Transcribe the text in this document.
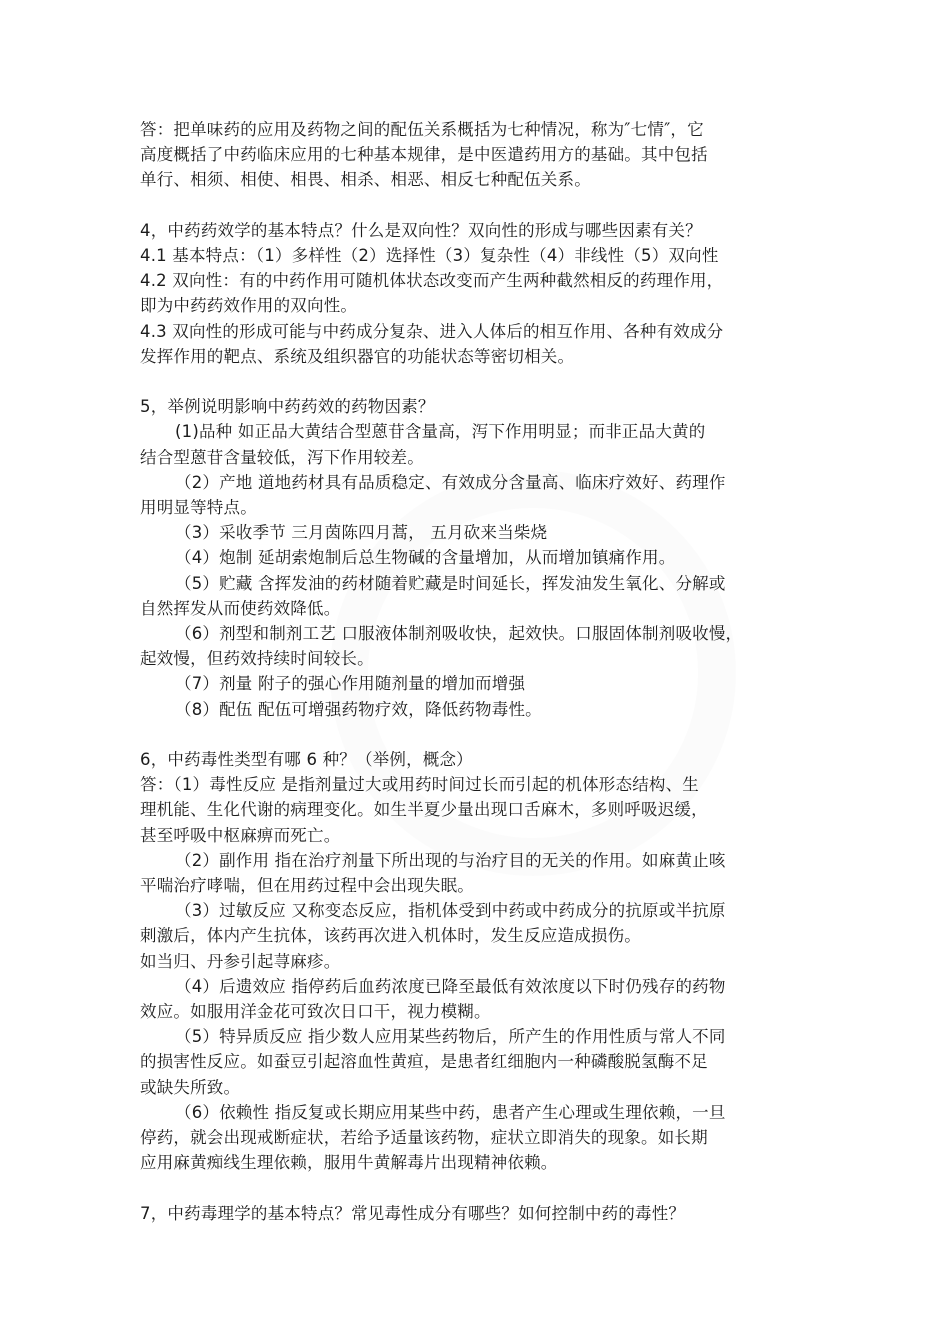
答：把单味药的应用及药物之间的配伍关系概括为七种情况，称为″七情″，它
高度概括了中药临床应用的七种基本规律，是中医遣药用方的基础。其中包括
单行、相须、相使、相畏、相杀、相恶、相反七种配伍关系。
4，中药药效学的基本特点？什么是双向性？双向性的形成与哪些因素有关？
4.1 基本特点：（1）多样性（2）选择性（3）复杂性（4）非线性（5）双向性
4.2 双向性：有的中药作用可随机体状态改变而产生两种截然相反的药理作用，
即为中药药效作用的双向性。
4.3 双向性的形成可能与中药成分复杂、进入人体后的相互作用、各种有效成分
发挥作用的靶点、系统及组织器官的功能状态等密切相关。
5，举例说明影响中药药效的药物因素？
(1)品种 如正品大黄结合型蒽苷含量高，泻下作用明显；而非正品大黄的
结合型蒽苷含量较低，泻下作用较差。
（2）产地 道地药材具有品质稳定、有效成分含量高、临床疗效好、药理作
用明显等特点。
（3）采收季节 三月茵陈四月蒿， 五月砍来当柴烧
（4）炮制 延胡索炮制后总生物碱的含量增加，从而增加镇痛作用。
（5）贮藏 含挥发油的药材随着贮藏是时间延长，挥发油发生氧化、分解或
自然挥发从而使药效降低。
（6）剂型和制剂工艺 口服液体制剂吸收快，起效快。口服固体制剂吸收慢，
起效慢，但药效持续时间较长。
（7）剂量 附子的强心作用随剂量的增加而增强
（8）配伍 配伍可增强药物疗效，降低药物毒性。
6，中药毒性类型有哪 6 种？（举例，概念）
答：（1）毒性反应 是指剂量过大或用药时间过长而引起的机体形态结构、生
理机能、生化代谢的病理变化。如生半夏少量出现口舌麻木，多则呼吸迟缓，
甚至呼吸中枢麻痹而死亡。
（2）副作用 指在治疗剂量下所出现的与治疗目的无关的作用。如麻黄止咳
平喘治疗哮喘，但在用药过程中会出现失眠。
（3）过敏反应 又称变态反应，指机体受到中药或中药成分的抗原或半抗原
刺激后，体内产生抗体，该药再次进入机体时，发生反应造成损伤。
如当归、丹参引起荨麻疹。
（4）后遗效应 指停药后血药浓度已降至最低有效浓度以下时仍残存的药物
效应。如服用洋金花可致次日口干，视力模糊。
（5）特异质反应 指少数人应用某些药物后，所产生的作用性质与常人不同
的损害性反应。如蚕豆引起溶血性黄疸，是患者红细胞内一种磷酸脱氢酶不足
或缺失所致。
（6）依赖性 指反复或长期应用某些中药，患者产生心理或生理依赖，一旦
停药，就会出现戒断症状，若给予适量该药物，症状立即消失的现象。如长期
应用麻黄痴线生理依赖，服用牛黄解毒片出现精神依赖。
7，中药毒理学的基本特点？常见毒性成分有哪些？如何控制中药的毒性？
